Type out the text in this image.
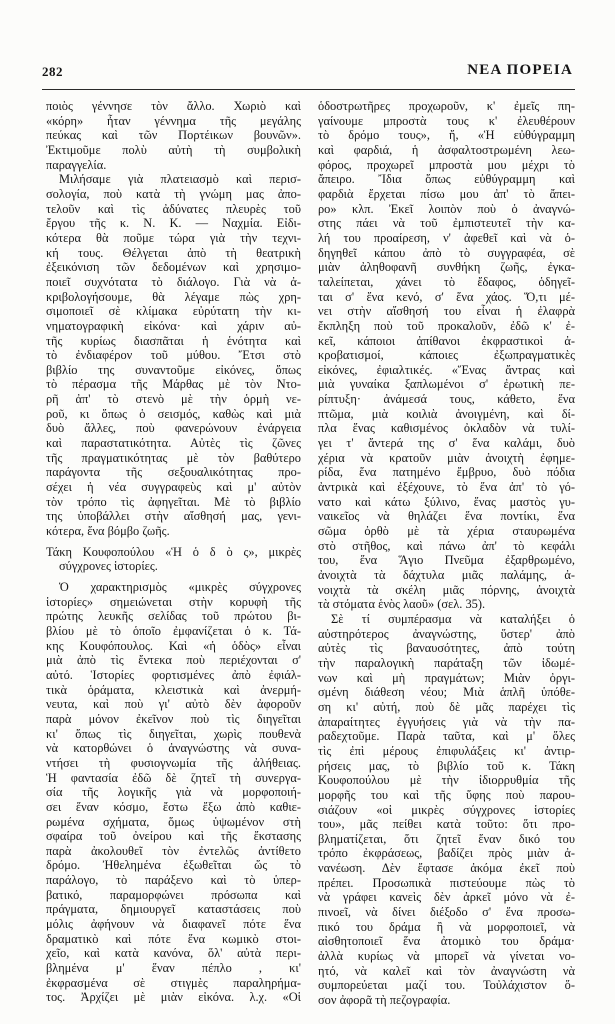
282	ΝΕΑ ΠΟΡΕΙΑ
ποιὸς γέννησε τὸν ἄλλο. Χωριὸ καὶ
«κόρη» ἦταν γέννημα τῆς μεγάλης
πεύκας καὶ τῶν Πορτέικων βουνῶν».
Ἐκτιμοῦμε πολὺ αὐτὴ τὴ συμβολικὴ
παραγγελία.
Μιλήσαμε γιὰ πλατειασμὸ καὶ περισ-
σολογία, ποὺ κατὰ τὴ γνώμη μας ἀπο-
τελοῦν καὶ τὶς ἀδύνατες πλευρὲς τοῦ
ἔργου τῆς κ. Ν. Κ. — Ναχμία. Εἰδι-
κότερα θὰ ποῦμε τώρα γιὰ τὴν τεχνι-
κή τους. Θέλγεται ἀπὸ τὴ θεατρικὴ
ἐξεικόνιση τῶν δεδομένων καὶ χρησιμο-
ποιεῖ συχνότατα τὸ διάλογο. Γιὰ νὰ ἀ-
κριβολογήσουμε, θὰ λέγαμε πὼς χρη-
σιμοποιεῖ σὲ κλίμακα εὐρύτατη τὴν κι-
νηματογραφικὴ εἰκόνα· καὶ χάριν αὐ-
τῆς κυρίως διασπᾶται ἡ ἑνότητα καὶ
τὸ ἐνδιαφέρον τοῦ μύθου. Ἔτσι στὸ
βιβλίο της συναντοῦμε εἰκόνες, ὅπως
τὸ πέρασμα τῆς Μάρθας μὲ τὸν Ντο-
ρῆ ἀπ' τὸ στενὸ μὲ τὴν ὁρμὴ νε-
ροῦ, κι ὅπως ὁ σεισμός, καθὼς καὶ μιὰ
δυὸ ἄλλες, ποὺ φανερώνουν ἐνάργεια
καὶ παραστατικότητα. Αὐτὲς τὶς ζῶνες
τῆς πραγματικότητας μὲ τὸν βαθύτερο
παράγοντα τῆς σεξουαλικότητας προ-
σέχει ἡ νέα συγγραφεὺς καὶ μ' αὐτὸν
τὸν τρόπο τὶς ἀφηγεῖται. Μὲ τὸ βιβλίο
της ὑποβάλλει στὴν αἴσθησή μας, γενι-
κότερα, ἕνα βόμβο ζωῆς.
Τάκη Κουφοπούλου «Ἡ ὁ δ ὸ ς», μικρὲς
σύγχρονες ἱστορίες.
Ὁ χαρακτηρισμὸς «μικρὲς σύγχρονες
ἱστορίες» σημειώνεται στὴν κορυφὴ τῆς
πρώτης λευκῆς σελίδας τοῦ πρώτου βι-
βλίου μὲ τὸ ὁποῖο ἐμφανίζεται ὁ κ. Τά-
κης Κουφόπουλος. Καὶ «ἡ ὁδὸς» εἶναι
μιὰ ἀπὸ τὶς ἔντεκα ποὺ περιέχονται σ'
αὐτό. Ἱστορίες φορτισμένες ἀπὸ ἐφιάλ-
τικὰ ὁράματα, κλειστικὰ καὶ ἀνερμή-
νευτα, καὶ ποὺ γι' αὐτὸ δὲν ἀφοροῦν
παρὰ μόνον ἐκεῖνον ποὺ τὶς διηγεῖται
κι' ὅπως τὶς διηγεῖται, χωρὶς πουθενὰ
νὰ κατορθώνει ὁ ἀναγνώστης νὰ συνα-
ντήσει τὴ φυσιογνωμία τῆς ἀλήθειας.
Ἡ φαντασία ἐδῶ δὲ ζητεῖ τὴ συνεργα-
σία τῆς λογικῆς γιὰ νὰ μορφοποιή-
σει ἕναν κόσμο, ἔστω ἔξω ἀπὸ καθιε-
ρωμένα σχήματα, ὅμως ὑψωμένον στὴ
σφαίρα τοῦ ὀνείρου καὶ τῆς ἔκστασης
παρὰ ἀκολουθεῖ τὸν ἐντελῶς ἀντίθετο
δρόμο. Ἠθελημένα ἐξωθεῖται ὥς τὸ
παράλογο, τὸ παράξενο καὶ τὸ ὑπερ-
βατικό, παραμορφώνει πρόσωπα καὶ
πράγματα, δημιουργεῖ καταστάσεις ποὺ
μόλις ἀφήνουν νὰ διαφανεῖ πότε ἕνα
δραματικὸ καὶ πότε ἕνα κωμικὸ στοι-
χεῖο, καὶ κατὰ κανόνα, ὅλ' αὐτὰ περι-
βλημένα μ' ἕναν πέπλο , κι'
ἐκφρασμένα σὲ στιγμὲς παραληρήμα-
τος. Ἀρχίζει μὲ μιὰν εἰκόνα. λ.χ. «Οἱ
ὁδοστρωτῆρες προχωροῦν, κ' ἐμεῖς πη-
γαίνουμε μπροστὰ τους κ' ἐλευθέρουν
τὸ δρόμο τους», ἤ, «Ἡ εὐθύγραμμη
καὶ φαρδιά, ἡ ἀσφαλτοστρωμένη λεω-
φόρος, προχωρεῖ μπροστὰ μου μέχρι τὸ
ἄπειρο. Ἴδια ὅπως εὐθύγραμμη καὶ
φαρδιὰ ἔρχεται πίσω μου ἀπ' τὸ ἄπει-
ρο» κλπ. Ἐκεῖ λοιπὸν ποὺ ὁ ἀναγνώ-
στης πάει νὰ τοῦ ἐμπιστευτεῖ τὴν κα-
λή του προαίρεση, ν' ἀφεθεῖ καὶ νὰ ὁ-
δηγηθεῖ κάπου ἀπὸ τὸ συγγραφέα, σὲ
μιὰν ἀληθοφανῆ συνθήκη ζωῆς, ἐγκα-
ταλείπεται, χάνει τὸ ἔδαφος, ὁδηγεῖ-
ται σ' ἕνα κενό, σ' ἕνα χάος. Ὅ,τι μέ-
νει στὴν αἴσθησή του εἶναι ἡ ἐλαφρὰ
ἔκπληξη ποὺ τοῦ προκαλοῦν, ἐδῶ κ' ἐ-
κεῖ, κάποιοι ἀπίθανοι ἐκφραστικοὶ ἀ-
κροβατισμοί, κάποιες ἐξωπραγματικὲς
εἰκόνες, ἐφιαλτικές. «Ἕνας ἄντρας καὶ
μιὰ γυναίκα ξαπλωμένοι σ' ἐρωτικὴ πε-
ρίπτυξη· ἀνάμεσά τους, κάθετο, ἕνα
πτῶμα, μιὰ κοιλιὰ ἀνοιγμένη, καὶ δί-
πλα ἕνας καθισμένος ὀκλαδὸν νὰ τυλί-
γει τ' ἄντερά της σ' ἕνα καλάμι, δυὸ
χέρια νὰ κρατοῦν μιὰν ἀνοιχτὴ ἐφημε-
ρίδα, ἕνα πατημένο ἔμβρυο, δυὸ πόδια
ἀντρικὰ καὶ ἐξέχουνε, τὸ ἕνα ἀπ' τὸ γό-
νατο καὶ κάτω ξύλινο, ἕνας μαστὸς γυ-
ναικεῖος νὰ θηλάζει ἕνα ποντίκι, ἕνα
σῶμα ὀρθὸ μὲ τὰ χέρια σταυρωμένα
στὸ στῆθος, καὶ πάνω ἀπ' τὸ κεφάλι
του, ἕνα Ἅγιο Πνεῦμα ἐξαρθρωμένο,
ἀνοιχτὰ τὰ δάχτυλα μιᾶς παλάμης, ἀ-
νοιχτὰ τὰ σκέλη μιᾶς πόρνης, ἀνοιχτὰ
τὰ στόματα ἑνὸς λαοῦ» (σελ. 35).
Σὲ τί συμπέρασμα νὰ καταλήξει ὁ
αὐστηρότερος ἀναγνώστης, ὕστερ' ἀπὸ
αὐτὲς τὶς βαναυσότητες, ἀπὸ τούτη
τὴν παραλογικὴ παράταξη τῶν ἰδωμέ-
νων καὶ μὴ πραγμάτων; Μιὰν ὀργι-
σμένη διάθεση νέου; Μιὰ ἁπλῆ ὑπόθε-
ση κι' αὐτή, ποὺ δὲ μᾶς παρέχει τὶς
ἀπαραίτητες ἐγγυήσεις γιὰ νὰ τὴν πα-
ραδεχτοῦμε. Παρὰ ταῦτα, καὶ μ' ὅλες
τὶς ἐπὶ μέρους ἐπιφυλάξεις κι' ἀντιρ-
ρήσεις μας, τὸ βιβλίο τοῦ κ. Τάκη
Κουφοπούλου μὲ τὴν ἰδιορρυθμία τῆς
μορφῆς του καὶ τῆς ὕφης ποὺ παρου-
σιάζουν «οἱ μικρὲς σύγχρονες ἱστορίες
του», μᾶς πείθει κατὰ τοῦτο: ὅτι προ-
βληματίζεται, ὅτι ζητεῖ ἕναν δικό του
τρόπο ἐκφράσεως, βαδίζει πρὸς μιὰν ἀ-
νανέωση. Δὲν ἔφτασε ἀκόμα ἐκεῖ ποὺ
πρέπει. Προσωπικὰ πιστεύουμε πὼς τὸ
νὰ γράφει κανεὶς δὲν ἀρκεῖ μόνο νὰ ἐ-
πινοεῖ, νὰ δίνει διέξοδο σ' ἕνα προσω-
πικό του δράμα ἢ νὰ μορφοποιεῖ, νὰ
αἰσθητοποιεῖ ἕνα ἀτομικὸ του δράμα·
ἀλλὰ κυρίως νὰ μπορεῖ νὰ γίνεται νο-
ητό, νὰ καλεῖ καὶ τὸν ἀναγνώστη νὰ
συμπορεύεται μαζί του. Τοὐλάχιστον ὅ-
σον ἀφορᾶ τὴ πεζογραφία.
